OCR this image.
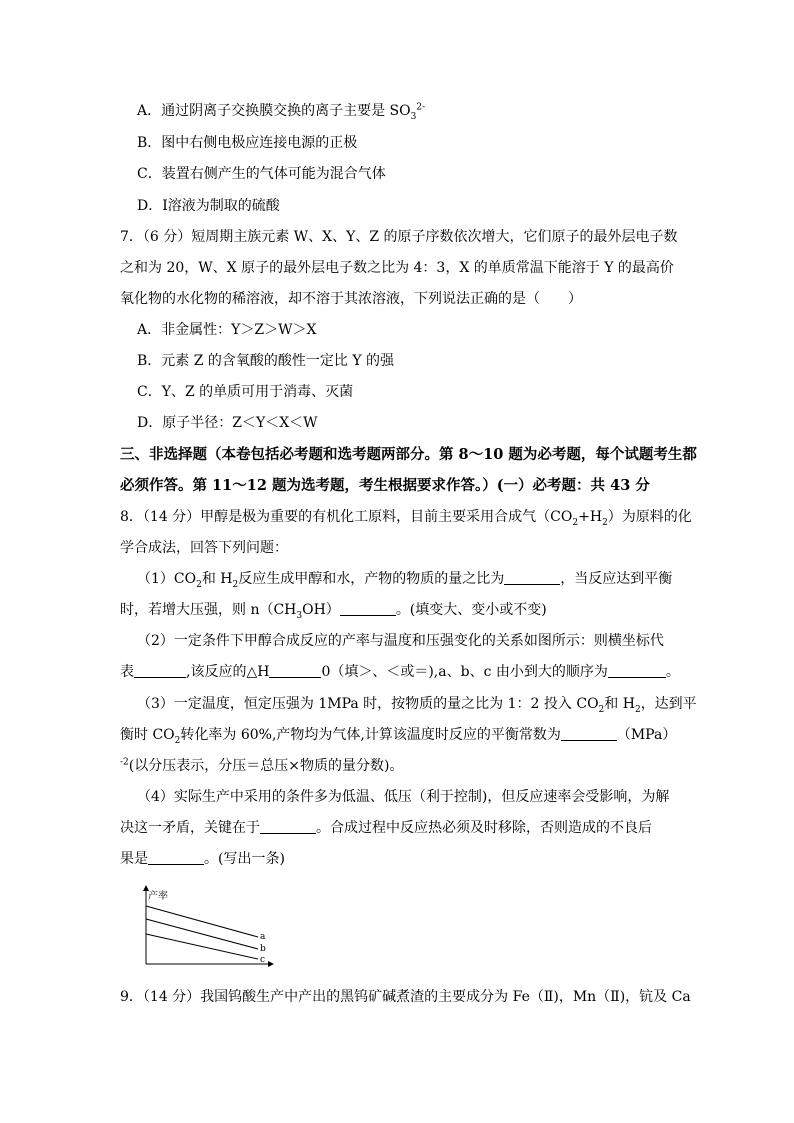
A．通过阴离子交换膜交换的离子主要是 $SO_3^{2-}$
B．图中右侧电极应连接电源的正极
C．装置右侧产生的气体可能为混合气体
D．Ⅰ溶液为制取的硫酸
7．（6 分）短周期主族元素 W、X、Y、Z 的原子序数依次增大，它们原子的最外层电子数
之和为 20，W、X 原子的最外层电子数之比为 4：3，X 的单质常温下能溶于 Y 的最高价
氧化物的水化物的稀溶液，却不溶于其浓溶液，下列说法正确的是（　　）
A．非金属性：Y＞Z＞W＞X
B．元素 Z 的含氧酸的酸性一定比 Y 的强
C．Y、Z 的单质可用于消毒、灭菌
D．原子半径：Z＜Y＜X＜W
三、非选择题（本卷包括必考题和选考题两部分。第 8～10 题为必考题，每个试题考生都
必须作答。第 11～12 题为选考题，考生根据要求作答。）(一）必考题：共 43 分
8．（14 分）甲醇是极为重要的有机化工原料，目前主要采用合成气$(CO_2+H_2)$为原料的化
学合成法，回答下列问题：
$(1)CO_2$和 $H_2$反应生成甲醇和水，产物的物质的量之比为	，当反应达到平衡
时，若增大压强，则 $n(CH_3OH)$	。(填变大、变小或不变)
（2）一定条件下甲醇合成反应的产率与温度和压强变化的关系如图所示：则横坐标代
表	,该反应的△H	0（填＞、＜或＝),a、b、c 由小到大的顺序为	。
（3）一定温度，恒定压强为 1MPa 时，按物质的量之比为 1：2 投入 $CO_2$和 $H_2$，达到平
衡时 $CO_2$转化率为 60%,产物均为气体,计算该温度时反应的平衡常数为	（MPa）
$^{-2}$(以分压表示，分压＝总压×物质的量分数)。
（4）实际生产中采用的条件多为低温、低压（利于控制)，但反应速率会受影响，为解
决这一矛盾，关键在于	。合成过程中反应热必须及时移除，否则造成的不良后
果是	。(写出一条)
产率
a
b
c
9．（14 分）我国钨酸生产中产出的黑钨矿碱煮渣的主要成分为 Fe（Ⅱ)，Mn（Ⅱ)，钪及 Ca
